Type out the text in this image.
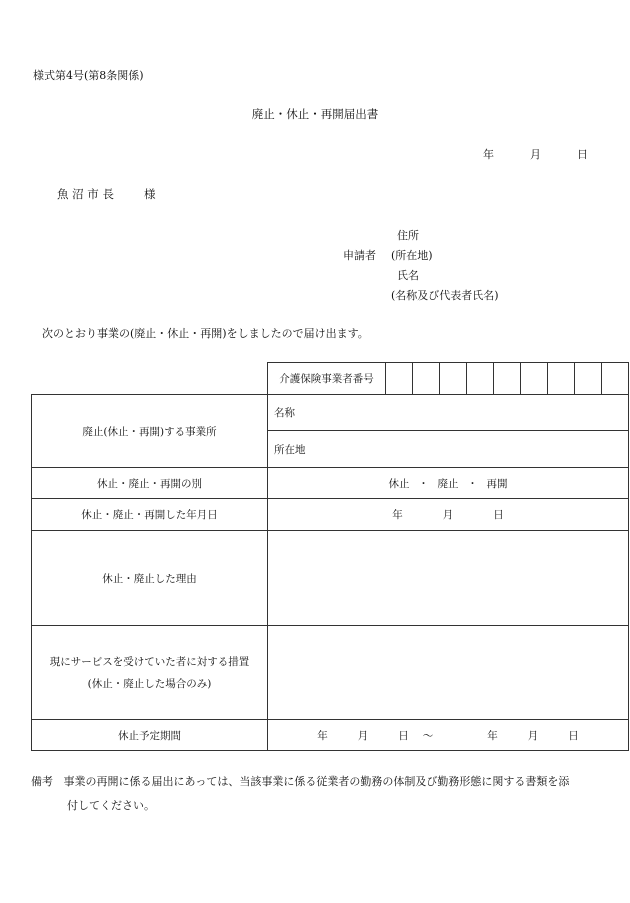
様式第4号(第8条関係)
廃止・休止・再開届出書
年	月	日
魚 沼 市 長	様
住所
申請者 (所在地)
氏名
(名称及び代表者氏名)
次のとおり事業の(廃止・休止・再開)をしましたので届け出ます。
	介護保険事業者番号									
廃止(休止・再開)する事業所	名称									
	所在地									
休止・廃止・再開の別	休止 ・ 廃止 ・ 再開									
休止・廃止・再開した年月日	年 月 日									
休止・廃止した理由										

現にサービスを受けていた者に対する措置
(休止・廃止した場合のみ)										

休止予定期間	年 月 日 〜 年 月 日									
備考 事業の再開に係る届出にあっては、当該事業に係る従業者の勤務の体制及び勤務形態に関する書類を添
付してください。
